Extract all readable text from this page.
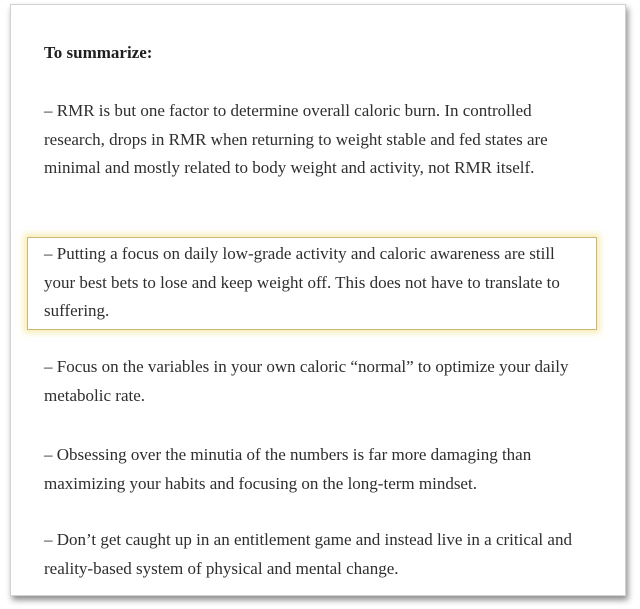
To summarize:

– RMR is but one factor to determine overall caloric burn. In controlled research, drops in RMR when returning to weight stable and fed states are minimal and mostly related to body weight and activity, not RMR itself.

– Putting a focus on daily low-grade activity and caloric awareness are still your best bets to lose and keep weight off. This does not have to translate to suffering.

– Focus on the variables in your own caloric “normal” to optimize your daily metabolic rate.

– Obsessing over the minutia of the numbers is far more damaging than maximizing your habits and focusing on the long-term mindset.

– Don’t get caught up in an entitlement game and instead live in a critical and reality-based system of physical and mental change.
